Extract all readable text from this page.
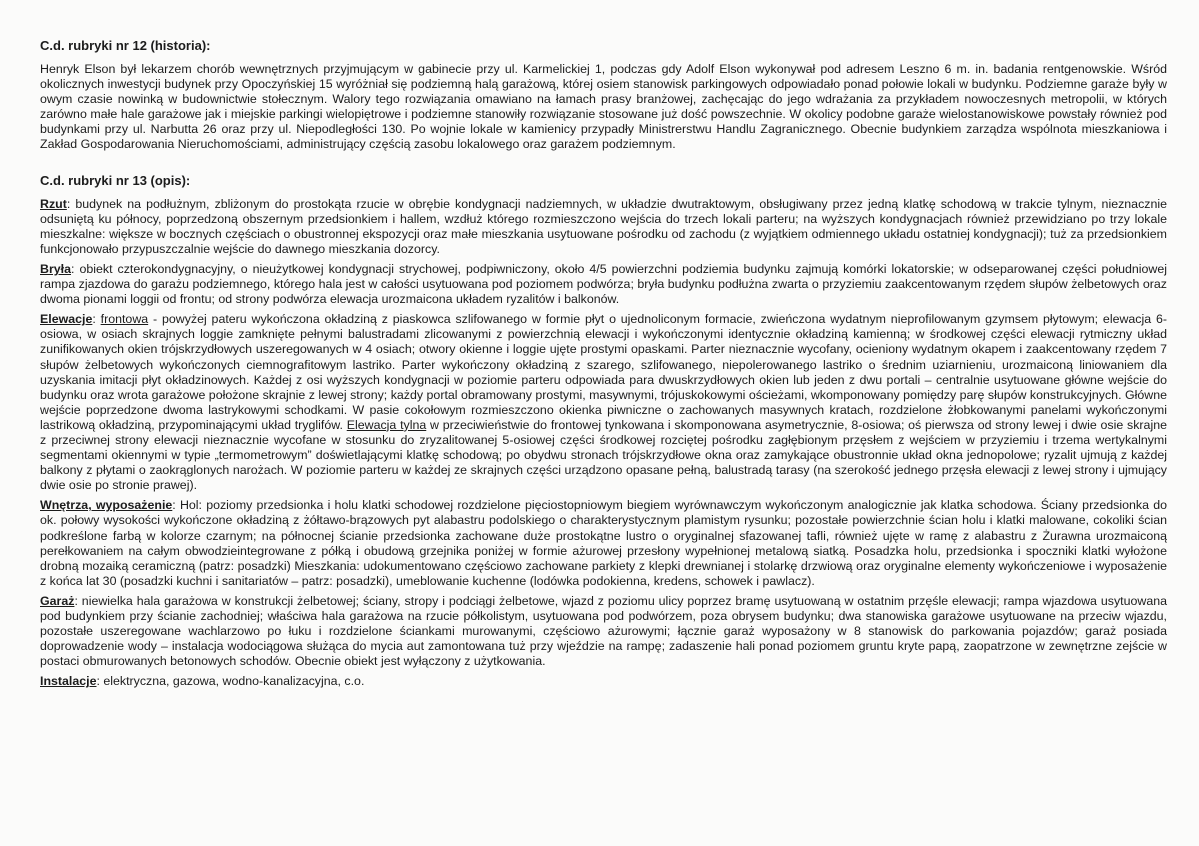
C.d. rubryki nr 12 (historia):

Henryk Elson był lekarzem chorób wewnętrznych przyjmującym w gabinecie przy ul. Karmelickiej 1, podczas gdy Adolf Elson wykonywał pod adresem Leszno 6 m. in. badania rentgenowskie. Wśród okolicznych inwestycji budynek przy Opoczyńskiej 15 wyróżniał się podziemną halą garażową, której osiem stanowisk parkingowych odpowiadało ponad połowie lokali w budynku. Podziemne garaże były w owym czasie nowinką w budownictwie stołecznym. Walory tego rozwiązania omawiano na łamach prasy branżowej, zachęcając do jego wdrażania za przykładem nowoczesnych metropolii, w których zarówno małe hale garażowe jak i miejskie parkingi wielopiętrowe i podziemne stanowiły rozwiązanie stosowane już dość powszechnie. W okolicy podobne garaże wielostanowiskowe powstały również pod budynkami przy ul. Narbutta 26 oraz przy ul. Niepodległości 130. Po wojnie lokale w kamienicy przypadły Ministrerstwu Handlu Zagranicznego. Obecnie budynkiem zarządza wspólnota mieszkaniowa i Zakład Gospodarowania Nieruchomościami, administrujący częścią zasobu lokalowego oraz garażem podziemnym.

C.d. rubryki nr 13 (opis):

Rzut: budynek na podłużnym, zbliżonym do prostokąta rzucie w obrębie kondygnacji nadziemnych, w układzie dwutraktowym, obsługiwany przez jedną klatkę schodową w trakcie tylnym, nieznacznie odsuniętą ku północy, poprzedzoną obszernym przedsionkiem i hallem, wzdłuż którego rozmieszczono wejścia do trzech lokali parteru; na wyższych kondygnacjach również przewidziano po trzy lokale mieszkalne: większe w bocznych częściach o obustronnej ekspozycji oraz małe mieszkania usytuowane pośrodku od zachodu (z wyjątkiem odmiennego układu ostatniej kondygnacji); tuż za przedsionkiem funkcjonowało przypuszczalnie wejście do dawnego mieszkania dozorcy.

Bryła: obiekt czterokondygnacyjny, o nieużytkowej kondygnacji strychowej, podpiwniczony, około 4/5 powierzchni podziemia budynku zajmują komórki lokatorskie; w odseparowanej części południowej rampa zjazdowa do garażu podziemnego, którego hala jest w całości usytuowana pod poziomem podwórza; bryła budynku podłużna zwarta o przyziemiu zaakcentowanym rzędem słupów żelbetowych oraz dwoma pionami loggii od frontu; od strony podwórza elewacja urozmaicona układem ryzalitów i balkonów.

Elewacje: frontowa - powyżej pateru wykończona okładziną z piaskowca szlifowanego w formie płyt o ujednoliconym formacie, zwieńczona wydatnym nieprofilowanym gzymsem płytowym; elewacja 6-osiowa, w osiach skrajnych loggie zamknięte pełnymi balustradami zlicowanymi z powierzchnią elewacji i wykończonymi identycznie okładziną kamienną; w środkowej części elewacji rytmiczny układ zunifikowanych okien trójskrzydłowych uszeregowanych w 4 osiach; otwory okienne i loggie ujęte prostymi opaskami. Parter nieznacznie wycofany, ocieniony wydatnym okapem i zaakcentowany rzędem 7 słupów żelbetowych wykończonych ciemnografitowym lastriko. Parter wykończony okładziną z szarego, szlifowanego, niepolerowanego lastriko o średnim uziarnieniu, urozmaiconą liniowaniem dla uzyskania imitacji płyt okładzinowych. Każdej z osi wyższych kondygnacji w poziomie parteru odpowiada para dwuskrzydłowych okien lub jeden z dwu portali – centralnie usytuowane główne wejście do budynku oraz wrota garażowe położone skrajnie z lewej strony; każdy portal obramowany prostymi, masywnymi, trójuskokowymi ościeżami, wkomponowany pomiędzy parę słupów konstrukcyjnych. Główne wejście poprzedzone dwoma lastrykowymi schodkami. W pasie cokołowym rozmieszczono okienka piwniczne o zachowanych masywnych kratach, rozdzielone żłobkowanymi panelami wykończonymi lastrikową okładziną, przypominającymi układ tryglifów. Elewacja tylna w przeciwieństwie do frontowej tynkowana i skomponowana asymetrycznie, 8-osiowa; oś pierwsza od strony lewej i dwie osie skrajne z przeciwnej strony elewacji nieznacznie wycofane w stosunku do zryzalitowanej 5-osiowej części środkowej rozciętej pośrodku zagłębionym przęsłem z wejściem w przyziemiu i trzema wertykalnymi segmentami okiennymi w typie „termometrowym” doświetlającymi klatkę schodową; po obydwu stronach trójskrzydłowe okna oraz zamykające obustronnie układ okna jednopolowe; ryzalit ujmują z każdej balkony z płytami o zaokrąglonych narożach. W poziomie parteru w każdej ze skrajnych części urządzono opasane pełną, balustradą tarasy (na szerokość jednego przęsła elewacji z lewej strony i ujmujący dwie osie po stronie prawej).

Wnętrza, wyposażenie: Hol: poziomy przedsionka i holu klatki schodowej rozdzielone pięciostopniowym biegiem wyrównawczym wykończonym analogicznie jak klatka schodowa. Ściany przedsionka do ok. połowy wysokości wykończone okładziną z żółtawo-brązowych pyt alabastru podolskiego o charakterystycznym plamistym rysunku; pozostałe powierzchnie ścian holu i klatki malowane, cokoliki ścian podkreślone farbą w kolorze czarnym; na północnej ścianie przedsionka zachowane duże prostokątne lustro o oryginalnej sfazowanej tafli, również ujęte w ramę z alabastru z Żurawna urozmaiconą perełkowaniem na całym obwodzieintegrowane z półką i obudową grzejnika poniżej w formie ażurowej przesłony wypełnionej metalową siatką. Posadzka holu, przedsionka i spoczniki klatki wyłożone drobną mozaiką ceramiczną (patrz: posadzki) Mieszkania: udokumentowano częściowo zachowane parkiety z klepki drewnianej i stolarkę drzwiową oraz oryginalne elementy wykończeniowe i wyposażenie z końca lat 30 (posadzki kuchni i sanitariatów – patrz: posadzki), umeblowanie kuchenne (lodówka podokienna, kredens, schowek i pawlacz).

Garaż: niewielka hala garażowa w konstrukcji żelbetowej; ściany, stropy i podciągi żelbetowe, wjazd z poziomu ulicy poprzez bramę usytuowaną w ostatnim przęśle elewacji; rampa wjazdowa usytuowana pod budynkiem przy ścianie zachodniej; właściwa hala garażowa na rzucie półkolistym, usytuowana pod podwórzem, poza obrysem budynku; dwa stanowiska garażowe usytuowane na przeciw wjazdu, pozostałe uszeregowane wachlarzowo po łuku i rozdzielone ściankami murowanymi, częściowo ażurowymi; łącznie garaż wyposażony w 8 stanowisk do parkowania pojazdów; garaż posiada doprowadzenie wody – instalacja wodociągowa służąca do mycia aut zamontowana tuż przy wjeździe na rampę; zadaszenie hali ponad poziomem gruntu kryte papą, zaopatrzone w zewnętrzne zejście w postaci obmurowanych betonowych schodów. Obecnie obiekt jest wyłączony z użytkowania.

Instalacje: elektryczna, gazowa, wodno-kanalizacyjna, c.o.
